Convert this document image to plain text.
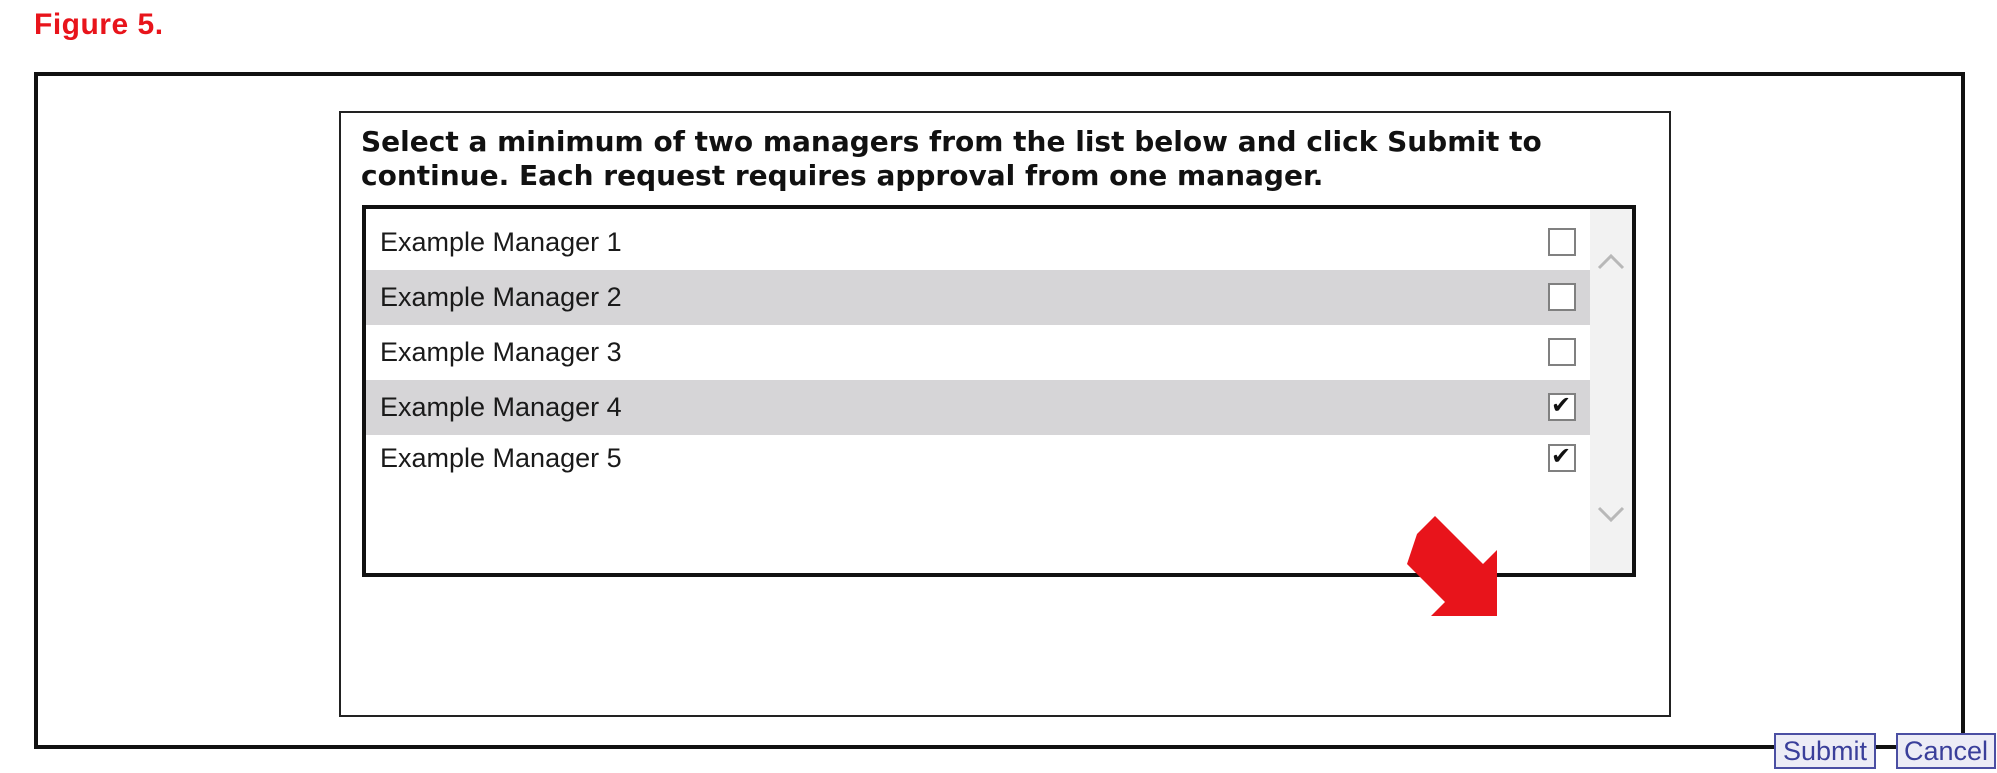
Figure 5.
Select a minimum of two managers from the list below and click Submit to continue. Each request requires approval from one manager.
Example Manager 1
Example Manager 2
Example Manager 3
Example Manager 4	✔
Example Manager 5	✔
Submit	Cancel
